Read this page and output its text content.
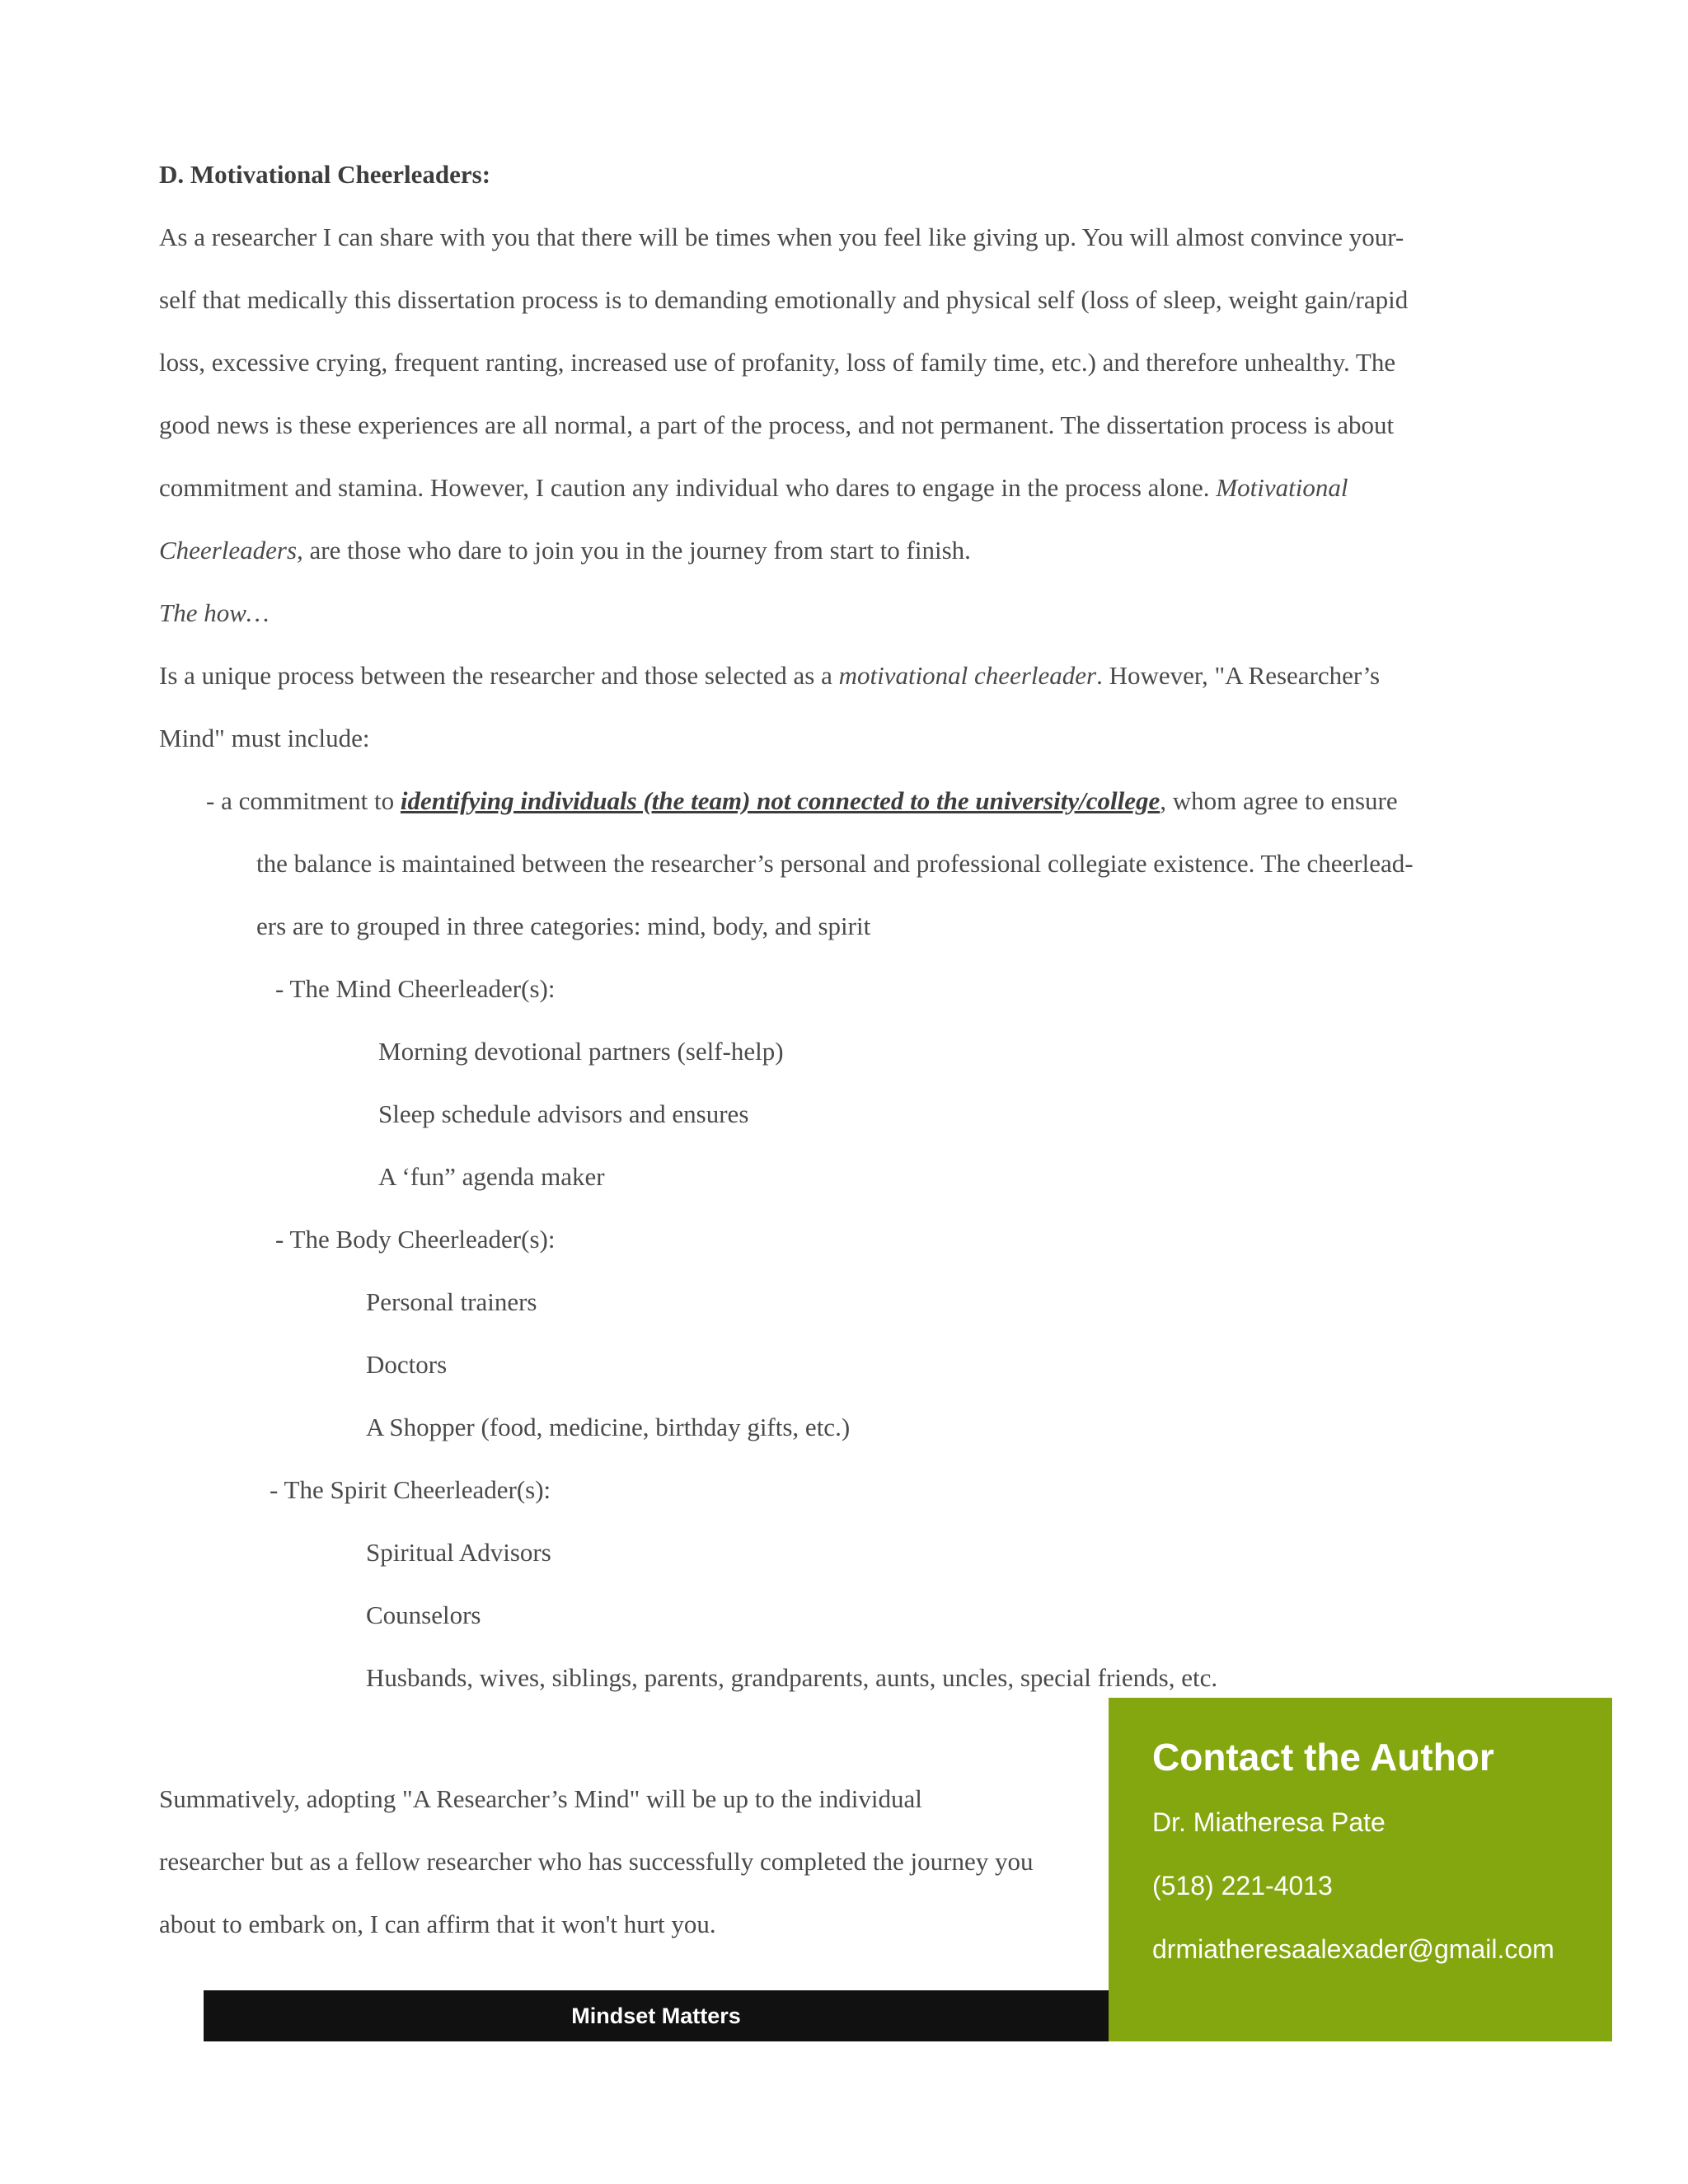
D. Motivational Cheerleaders:
As a researcher I can share with you that there will be times when you feel like giving up. You will almost convince your-
self that medically this dissertation process is to demanding emotionally and physical self (loss of sleep, weight gain/rapid
loss, excessive crying, frequent ranting, increased use of profanity, loss of family time, etc.) and therefore unhealthy. The
good news is these experiences are all normal, a part of the process, and not permanent. The dissertation process is about
commitment and stamina. However, I caution any individual who dares to engage in the process alone. Motivational
Cheerleaders, are those who dare to join you in the journey from start to finish.
The how…
Is a unique process between the researcher and those selected as a motivational cheerleader. However, "A Researcher’s
Mind" must include:
- a commitment to identifying individuals (the team) not connected to the university/college, whom agree to ensure
the balance is maintained between the researcher’s personal and professional collegiate existence. The cheerlead-
ers are to grouped in three categories: mind, body, and spirit
- The Mind Cheerleader(s):
Morning devotional partners (self-help)
Sleep schedule advisors and ensures
A ‘fun” agenda maker
- The Body Cheerleader(s):
Personal trainers
Doctors
A Shopper (food, medicine, birthday gifts, etc.)
- The Spirit Cheerleader(s):
Spiritual Advisors
Counselors
Husbands, wives, siblings, parents, grandparents, aunts, uncles, special friends, etc.
Summatively, adopting "A Researcher’s Mind" will be up to the individual
researcher but as a fellow researcher who has successfully completed the journey you
about to embark on, I can affirm that it won't hurt you.
Mindset Matters
Contact the Author
Dr. Miatheresa Pate
(518) 221-4013
drmiatheresaalexader@gmail.com
